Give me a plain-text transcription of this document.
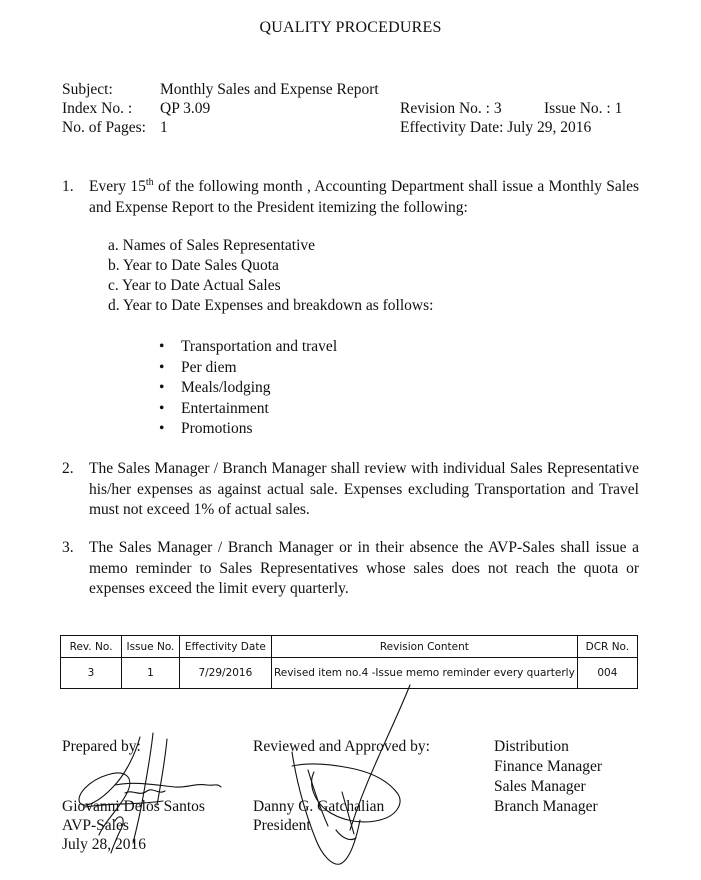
QUALITY PROCEDURES
Subject:	Monthly Sales and Expense Report
Index No. : QP 3.09	Revision No. : 3	Issue No. : 1
No. of Pages: 1	Effectivity Date: July 29, 2016
1. Every 15th of the following month , Accounting Department shall issue a Monthly Sales and Expense Report to the President itemizing the following:
a. Names of Sales Representative
b. Year to Date Sales Quota
c. Year to Date Actual Sales
d. Year to Date Expenses and breakdown as follows:
• Transportation and travel
• Per diem
• Meals/lodging
• Entertainment
• Promotions
2. The Sales Manager / Branch Manager shall review with individual Sales Representative his/her expenses as against actual sale. Expenses excluding Transportation and Travel must not exceed 1% of actual sales.
3. The Sales Manager / Branch Manager or in their absence the AVP-Sales shall issue a memo reminder to Sales Representatives whose sales does not reach the quota or expenses exceed the limit every quarterly.
Rev. No.	Issue No.	Effectivity Date	Revision Content	DCR No.
3	1	7/29/2016	Revised item no.4 -Issue memo reminder every quarterly	004
Prepared by:
Giovanni Delos Santos
AVP-Sales
July 28, 2016
Reviewed and Approved by:
Danny G. Gatchalian
President
Distribution
Finance Manager
Sales Manager
Branch Manager
